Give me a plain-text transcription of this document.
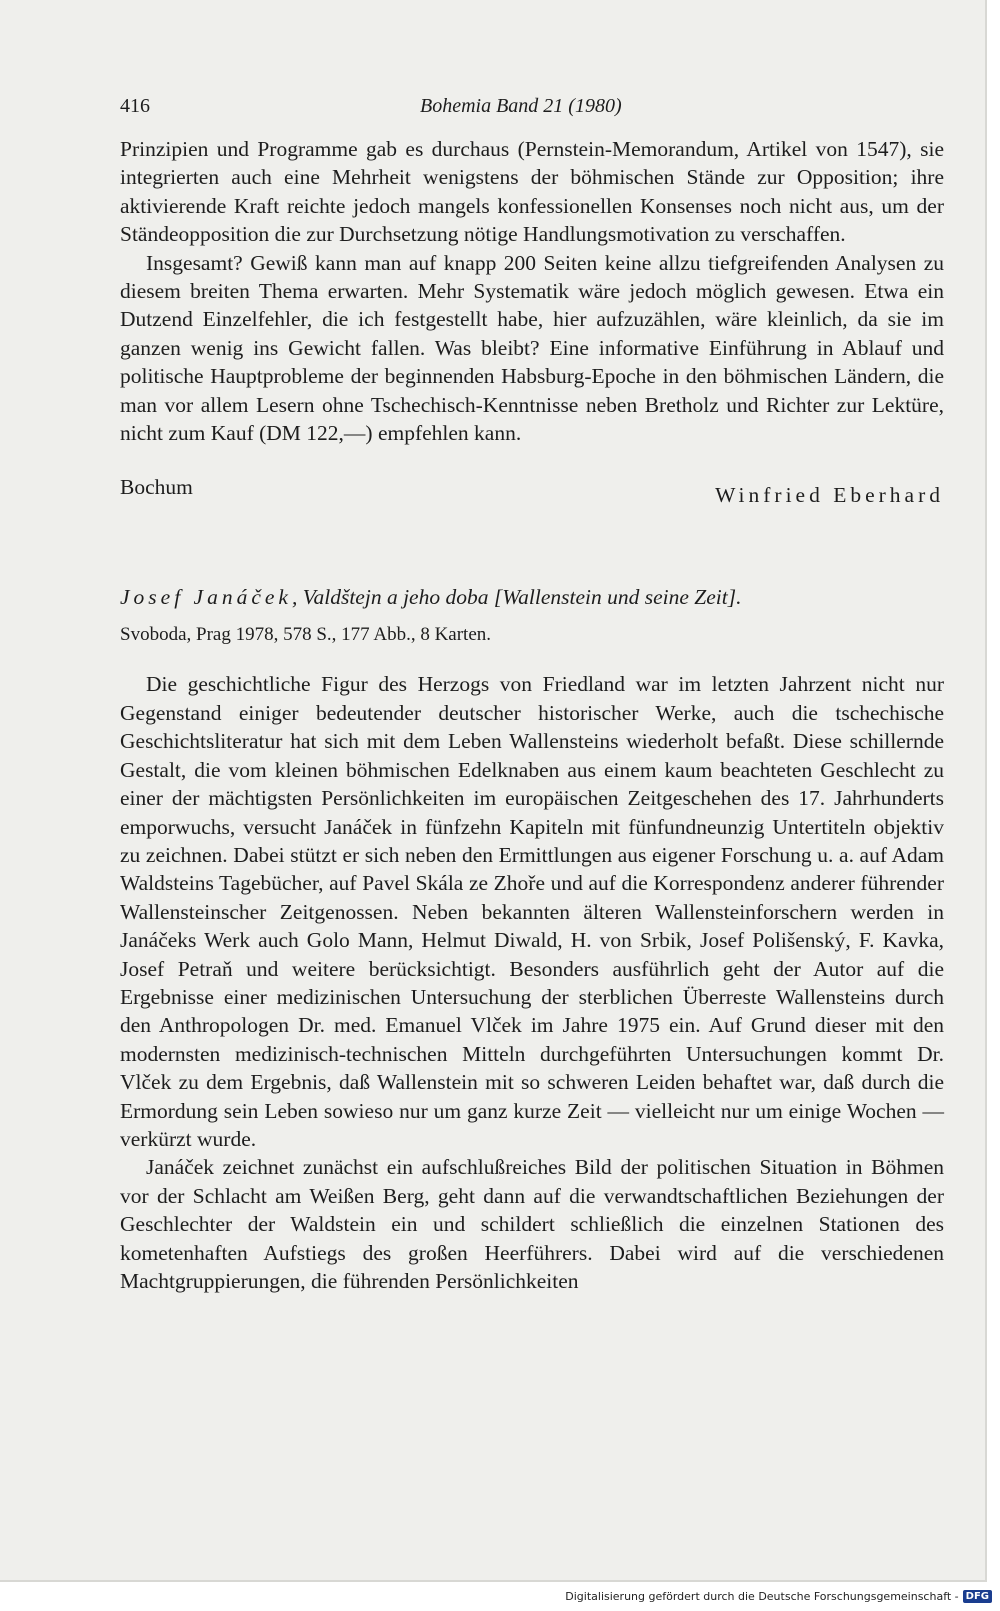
416	Bohemia Band 21 (1980)

Prinzipien und Programme gab es durchaus (Pernstein-Memorandum, Artikel von 1547), sie integrierten auch eine Mehrheit wenigstens der böhmischen Stände zur Opposition; ihre aktivierende Kraft reichte jedoch mangels konfessionellen Konsenses noch nicht aus, um der Ständeopposition die zur Durchsetzung nötige Handlungsmotivation zu verschaffen.

Insgesamt? Gewiß kann man auf knapp 200 Seiten keine allzu tiefgreifenden Analysen zu diesem breiten Thema erwarten. Mehr Systematik wäre jedoch möglich gewesen. Etwa ein Dutzend Einzelfehler, die ich festgestellt habe, hier aufzuzählen, wäre kleinlich, da sie im ganzen wenig ins Gewicht fallen. Was bleibt? Eine informative Einführung in Ablauf und politische Hauptprobleme der beginnenden Habsburg-Epoche in den böhmischen Ländern, die man vor allem Lesern ohne Tschechisch-Kenntnisse neben Bretholz und Richter zur Lektüre, nicht zum Kauf (DM 122,—) empfehlen kann.

Bochum	Winfried Eberhard
Josef Janáček, Valdštejn a jeho doba [Wallenstein und seine Zeit].
Svoboda, Prag 1978, 578 S., 177 Abb., 8 Karten.

Die geschichtliche Figur des Herzogs von Friedland war im letzten Jahrzent nicht nur Gegenstand einiger bedeutender deutscher historischer Werke, auch die tschechische Geschichtsliteratur hat sich mit dem Leben Wallensteins wiederholt befaßt. Diese schillernde Gestalt, die vom kleinen böhmischen Edelknaben aus einem kaum beachteten Geschlecht zu einer der mächtigsten Persönlichkeiten im europäischen Zeitgeschehen des 17. Jahrhunderts emporwuchs, versucht Janáček in fünfzehn Kapiteln mit fünfundneunzig Untertiteln objektiv zu zeichnen. Dabei stützt er sich neben den Ermittlungen aus eigener Forschung u. a. auf Adam Waldsteins Tagebücher, auf Pavel Skála ze Zhoře und auf die Korrespondenz anderer führender Wallensteinscher Zeitgenossen. Neben bekannten älteren Wallensteinforschern werden in Janáčeks Werk auch Golo Mann, Helmut Diwald, H. von Srbik, Josef Polišenský, F. Kavka, Josef Petraň und weitere berücksichtigt. Besonders ausführlich geht der Autor auf die Ergebnisse einer medizinischen Untersuchung der sterblichen Überreste Wallensteins durch den Anthropologen Dr. med. Emanuel Vlček im Jahre 1975 ein. Auf Grund dieser mit den modernsten medizinisch-technischen Mitteln durchgeführten Untersuchungen kommt Dr. Vlček zu dem Ergebnis, daß Wallenstein mit so schweren Leiden behaftet war, daß durch die Ermordung sein Leben sowieso nur um ganz kurze Zeit — vielleicht nur um einige Wochen — verkürzt wurde.

Janáček zeichnet zunächst ein aufschlußreiches Bild der politischen Situation in Böhmen vor der Schlacht am Weißen Berg, geht dann auf die verwandtschaftlichen Beziehungen der Geschlechter der Waldstein ein und schildert schließlich die einzelnen Stationen des kometenhaften Aufstiegs des großen Heerführers. Dabei wird auf die verschiedenen Machtgruppierungen, die führenden Persönlichkeiten

Digitalisierung gefördert durch die Deutsche Forschungsgemeinschaft - DFG
